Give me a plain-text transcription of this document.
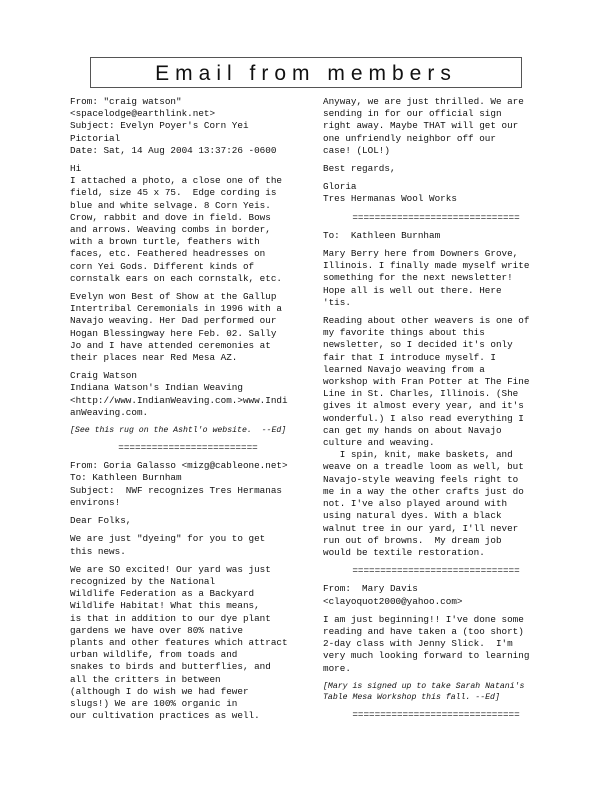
Email from members
From: "craig watson"
<spacelodge@earthlink.net>
Subject: Evelyn Poyer's Corn Yei
Pictorial
Date: Sat, 14 Aug 2004 13:37:26 -0600
Hi
I attached a photo, a close one of the
field, size 45 x 75.  Edge cording is
blue and white selvage. 8 Corn Yeis.
Crow, rabbit and dove in field. Bows
and arrows. Weaving combs in border,
with a brown turtle, feathers with
faces, etc. Feathered headresses on
corn Yei Gods. Different kinds of
cornstalk ears on each cornstalk, etc.
Evelyn won Best of Show at the Gallup
Intertribal Ceremonials in 1996 with a
Navajo weaving. Her Dad performed our
Hogan Blessingway here Feb. 02. Sally
Jo and I have attended ceremonies at
their places near Red Mesa AZ.
Craig Watson
Indiana Watson's Indian Weaving
<http://www.IndianWeaving.com.>www.Indi
anWeaving.com.
[See this rug on the Ashtl'o website.  --Ed]
=========================
From: Goria Galasso <mizg@cableone.net>
To: Kathleen Burnham
Subject:  NWF recognizes Tres Hermanas
environs!
Dear Folks,
We are just "dyeing" for you to get
this news.
We are SO excited! Our yard was just
recognized by the National
Wildlife Federation as a Backyard
Wildlife Habitat! What this means,
is that in addition to our dye plant
gardens we have over 80% native
plants and other features which attract
urban wildlife, from toads and
snakes to birds and butterflies, and
all the critters in between
(although I do wish we had fewer
slugs!) We are 100% organic in
our cultivation practices as well.
Anyway, we are just thrilled. We are
sending in for our official sign
right away. Maybe THAT will get our
one unfriendly neighbor off our
case! (LOL!)
Best regards,
Gloria
Tres Hermanas Wool Works
==============================
To:  Kathleen Burnham
Mary Berry here from Downers Grove,
Illinois. I finally made myself write
something for the next newsletter!
Hope all is well out there. Here
'tis.
Reading about other weavers is one of
my favorite things about this
newsletter, so I decided it's only
fair that I introduce myself. I
learned Navajo weaving from a
workshop with Fran Potter at The Fine
Line in St. Charles, Illinois. (She
gives it almost every year, and it's
wonderful.) I also read everything I
can get my hands on about Navajo
culture and weaving.
I spin, knit, make baskets, and
weave on a treadle loom as well, but
Navajo-style weaving feels right to
me in a way the other crafts just do
not. I've also played around with
using natural dyes. With a black
walnut tree in our yard, I'll never
run out of browns.  My dream job
would be textile restoration.
==============================
From:  Mary Davis
<clayoquot2000@yahoo.com>
I am just beginning!! I've done some
reading and have taken a (too short)
2-day class with Jenny Slick.  I'm
very much looking forward to learning
more.
[Mary is signed up to take Sarah Natani's
Table Mesa Workshop this fall. --Ed]
==============================
